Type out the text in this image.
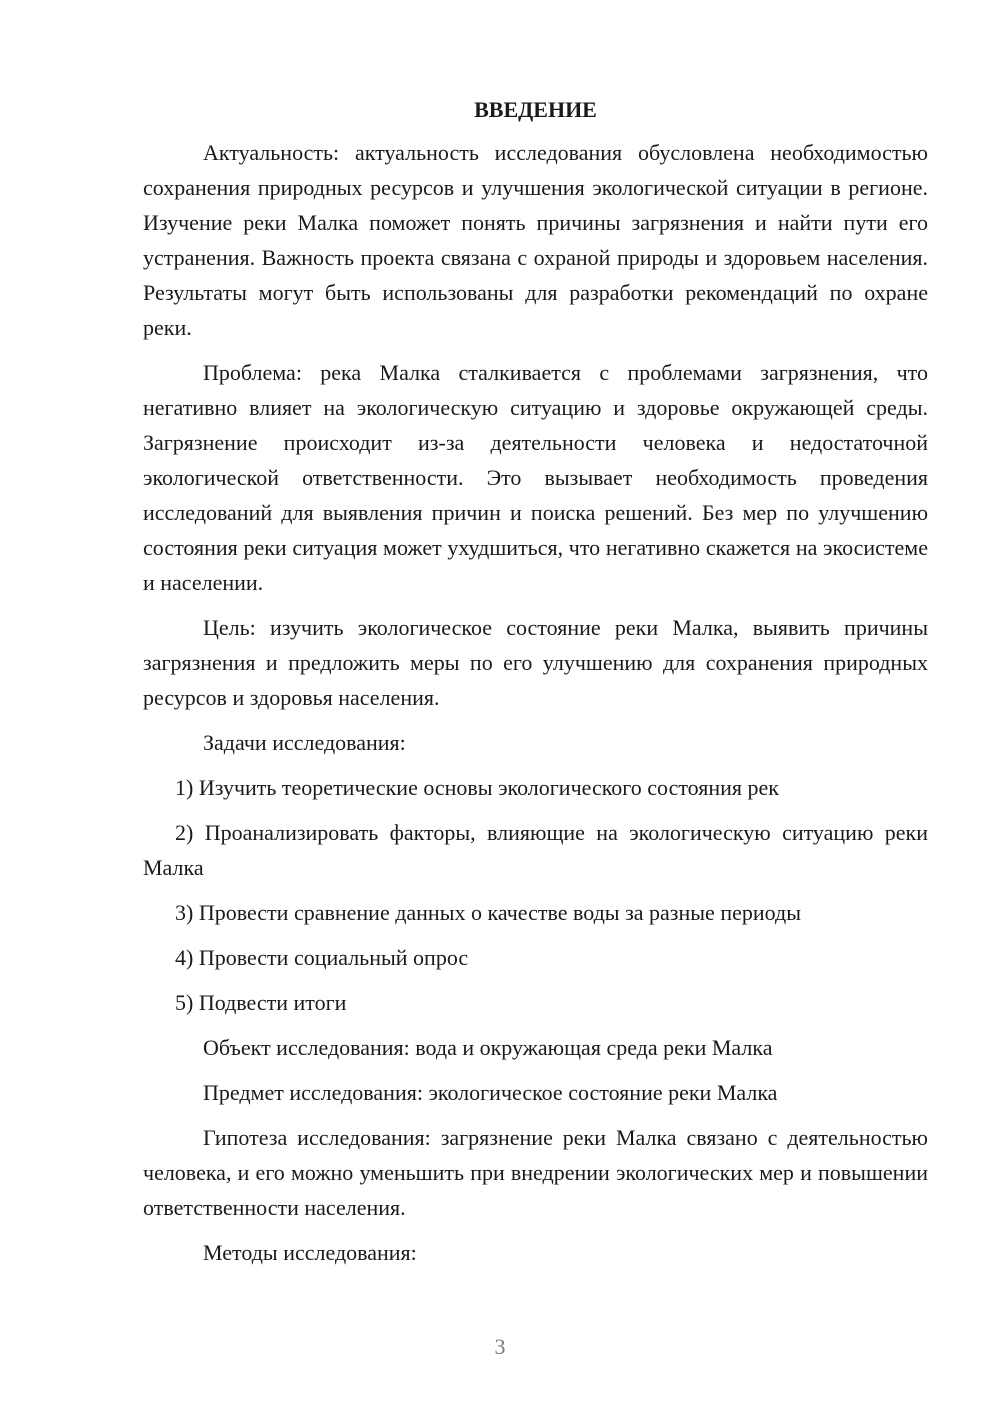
ВВЕДЕНИЕ

Актуальность: актуальность исследования обусловлена необходимостью сохранения природных ресурсов и улучшения экологической ситуации в регионе. Изучение реки Малка поможет понять причины загрязнения и найти пути его устранения. Важность проекта связана с охраной природы и здоровьем населения. Результаты могут быть использованы для разработки рекомендаций по охране реки.

Проблема: река Малка сталкивается с проблемами загрязнения, что негативно влияет на экологическую ситуацию и здоровье окружающей среды. Загрязнение происходит из-за деятельности человека и недостаточной экологической ответственности. Это вызывает необходимость проведения исследований для выявления причин и поиска решений. Без мер по улучшению состояния реки ситуация может ухудшиться, что негативно скажется на экосистеме и населении.

Цель: изучить экологическое состояние реки Малка, выявить причины загрязнения и предложить меры по его улучшению для сохранения природных ресурсов и здоровья населения.

Задачи исследования:

1) Изучить теоретические основы экологического состояния рек

2) Проанализировать факторы, влияющие на экологическую ситуацию реки Малка

3) Провести сравнение данных о качестве воды за разные периоды

4) Провести социальный опрос

5) Подвести итоги

Объект исследования: вода и окружающая среда реки Малка

Предмет исследования: экологическое состояние реки Малка

Гипотеза исследования: загрязнение реки Малка связано с деятельностью человека, и его можно уменьшить при внедрении экологических мер и повышении ответственности населения.

Методы исследования:

3
